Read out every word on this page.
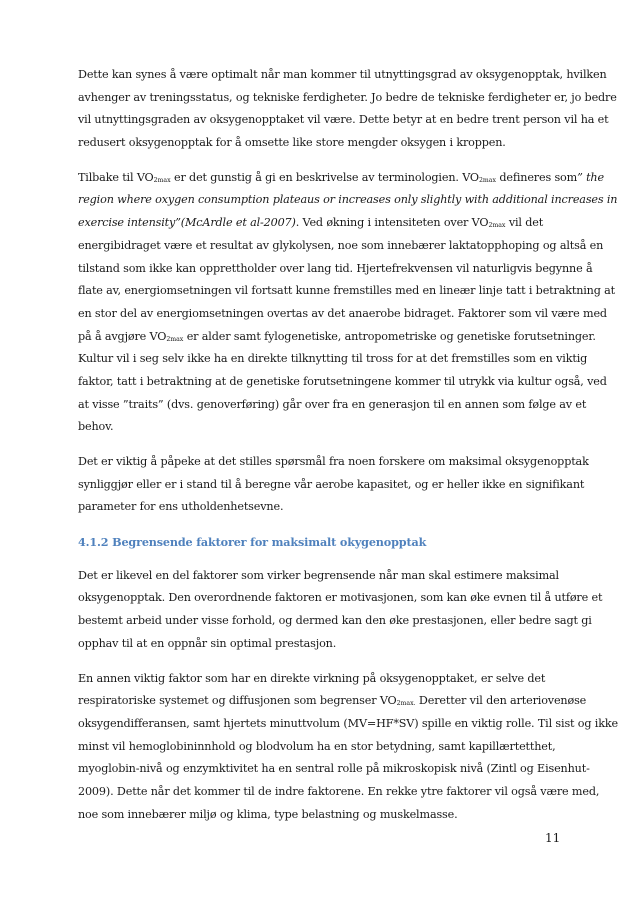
Dette kan synes å være optimalt når man kommer til utnyttingsgrad av oksygenopptak, hvilken
avhenger av treningsstatus, og tekniske ferdigheter. Jo bedre de tekniske ferdigheter er, jo bedre
vil utnyttingsgraden av oksygenopptaket vil være. Dette betyr at en bedre trent person vil ha et
redusert oksygenopptak for å omsette like store mengder oksygen i kroppen.
Tilbake til VO2max er det gunstig å gi en beskrivelse av terminologien. VO2max defineres som” the
region where oxygen consumption plateaus or increases only slightly with additional increases in
exercise intensity”(McArdle et al-2007). Ved økning i intensiteten over VO2max vil det
energibidraget være et resultat av glykolysen, noe som innebærer laktatopphoping og altså en
tilstand som ikke kan opprettholder over lang tid. Hjertefrekvensen vil naturligvis begynne å
flate av, energiomsetningen vil fortsatt kunne fremstilles med en lineær linje tatt i betraktning at
en stor del av energiomsetningen overtas av det anaerobe bidraget. Faktorer som vil være med
på å avgjøre VO2max er alder samt fylogenetiske, antropometriske og genetiske forutsetninger.
Kultur vil i seg selv ikke ha en direkte tilknytting til tross for at det fremstilles som en viktig
faktor, tatt i betraktning at de genetiske forutsetningene kommer til utrykk via kultur også, ved
at visse ”traits” (dvs. genoverføring) går over fra en generasjon til en annen som følge av et
behov.
Det er viktig å påpeke at det stilles spørsmål fra noen forskere om maksimal oksygenopptak
synliggjør eller er i stand til å beregne vår aerobe kapasitet, og er heller ikke en signifikant
parameter for ens utholdenhetsevne.
4.1.2 Begrensende faktorer for maksimalt okygenopptak
Det er likevel en del faktorer som virker begrensende når man skal estimere maksimal
oksygenopptak. Den overordnende faktoren er motivasjonen, som kan øke evnen til å utføre et
bestemt arbeid under visse forhold, og dermed kan den øke prestasjonen, eller bedre sagt gi
opphav til at en oppnår sin optimal prestasjon.
En annen viktig faktor som har en direkte virkning på oksygenopptaket, er selve det
respiratoriske systemet og diffusjonen som begrenser VO2max. Deretter vil den arteriovenøse
oksygendifferansen, samt hjertets minuttvolum (MV=HF*SV) spille en viktig rolle. Til sist og ikke
minst vil hemoglobininnhold og blodvolum ha en stor betydning, samt kapillærtetthet,
myoglobin-nivå og enzymktivitet ha en sentral rolle på mikroskopisk nivå (Zintl og Eisenhut-
2009). Dette når det kommer til de indre faktorene. En rekke ytre faktorer vil også være med,
noe som innebærer miljø og klima, type belastning og muskelmasse.
11
